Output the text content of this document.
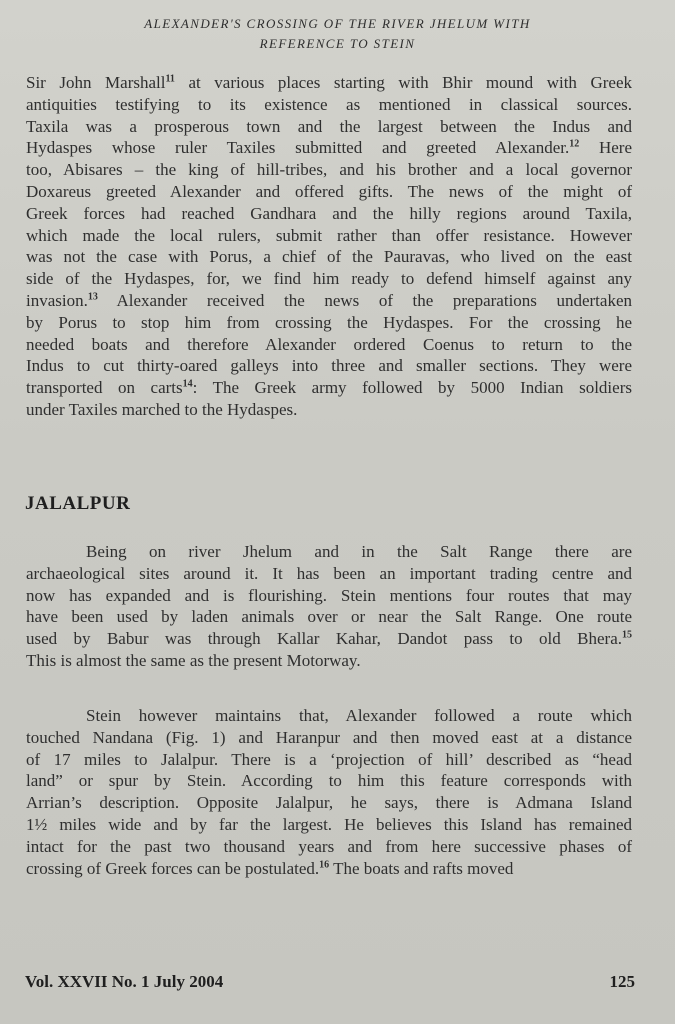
ALEXANDER'S CROSSING OF THE RIVER JHELUM WITH
REFERENCE TO STEIN
Sir John Marshall$^{11}$ at various places starting with Bhir mound with Greek
antiquities testifying to its existence as mentioned in classical sources.
Taxila was a prosperous town and the largest between the Indus and
Hydaspes whose ruler Taxiles submitted and greeted Alexander.$^{12}$ Here
too, Abisares – the king of hill-tribes, and his brother and a local governor
Doxareus greeted Alexander and offered gifts. The news of the might of
Greek forces had reached Gandhara and the hilly regions around Taxila,
which made the local rulers, submit rather than offer resistance. However
was not the case with Porus, a chief of the Pauravas, who lived on the east
side of the Hydaspes, for, we find him ready to defend himself against any
invasion.$^{13}$ Alexander received the news of the preparations undertaken
by Porus to stop him from crossing the Hydaspes. For the crossing he
needed boats and therefore Alexander ordered Coenus to return to the
Indus to cut thirty-oared galleys into three and smaller sections. They were
transported on carts$^{14}$: The Greek army followed by 5000 Indian soldiers
under Taxiles marched to the Hydaspes.
JALALPUR
Being on river Jhelum and in the Salt Range there are
archaeological sites around it. It has been an important trading centre and
now has expanded and is flourishing. Stein mentions four routes that may
have been used by laden animals over or near the Salt Range. One route
used by Babur was through Kallar Kahar, Dandot pass to old Bhera.$^{15}$
This is almost the same as the present Motorway.
Stein however maintains that, Alexander followed a route which
touched Nandana (Fig. 1) and Haranpur and then moved east at a distance
of 17 miles to Jalalpur. There is a ‘projection of hill’ described as “head
land” or spur by Stein. According to him this feature corresponds with
Arrian’s description. Opposite Jalalpur, he says, there is Admana Island
1½ miles wide and by far the largest. He believes this Island has remained
intact for the past two thousand years and from here successive phases of
crossing of Greek forces can be postulated.$^{16}$ The boats and rafts moved
Vol. XXVII No. 1 July 2004	125
